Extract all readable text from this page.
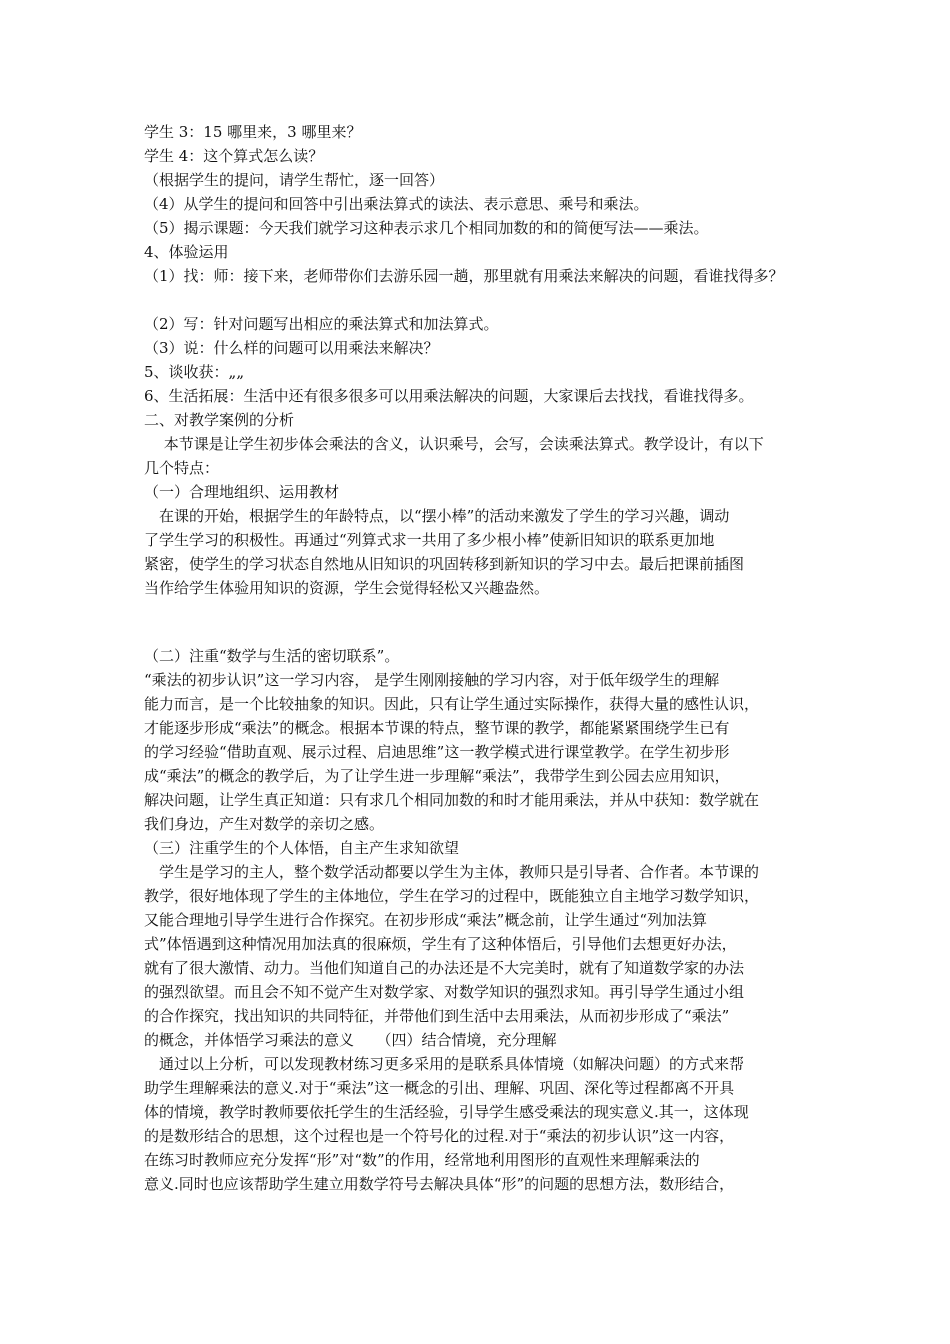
学生 3：15 哪里来，3 哪里来？
学生 4：这个算式怎么读？
（根据学生的提问，请学生帮忙，逐一回答）
（4）从学生的提问和回答中引出乘法算式的读法、表示意思、乘号和乘法。
（5）揭示课题：今天我们就学习这种表示求几个相同加数的和的简便写法——乘法。
4、体验运用
（1）找：师：接下来，老师带你们去游乐园一趟，那里就有用乘法来解决的问题，看谁找得多？
（2）写：针对问题写出相应的乘法算式和加法算式。
（3）说：什么样的问题可以用乘法来解决？
5、谈收获：„„
6、生活拓展：生活中还有很多很多可以用乘法解决的问题，大家课后去找找，看谁找得多。
二、对教学案例的分析
　 本节课是让学生初步体会乘法的含义，认识乘号，会写，会读乘法算式。教学设计，有以下
几个特点：
（一）合理地组织、运用教材
　在课的开始，根据学生的年龄特点，以“摆小棒”的活动来激发了学生的学习兴趣，调动
了学生学习的积极性。再通过“列算式求一共用了多少根小棒”使新旧知识的联系更加地
紧密，使学生的学习状态自然地从旧知识的巩固转移到新知识的学习中去。最后把课前插图
当作给学生体验用知识的资源，学生会觉得轻松又兴趣盎然。
（二）注重“数学与生活的密切联系”。
“乘法的初步认识”这一学习内容， 是学生刚刚接触的学习内容，对于低年级学生的理解
能力而言，是一个比较抽象的知识。因此，只有让学生通过实际操作，获得大量的感性认识，
才能逐步形成“乘法”的概念。根据本节课的特点，整节课的教学，都能紧紧围绕学生已有
的学习经验“借助直观、展示过程、启迪思维”这一教学模式进行课堂教学。在学生初步形
成“乘法”的概念的教学后，为了让学生进一步理解“乘法”，我带学生到公园去应用知识，
解决问题，让学生真正知道：只有求几个相同加数的和时才能用乘法，并从中获知：数学就在
我们身边，产生对数学的亲切之感。
（三）注重学生的个人体悟，自主产生求知欲望
　学生是学习的主人，整个数学活动都要以学生为主体，教师只是引导者、合作者。本节课的
教学，很好地体现了学生的主体地位，学生在学习的过程中，既能独立自主地学习数学知识，
又能合理地引导学生进行合作探究。在初步形成“乘法”概念前，让学生通过“列加法算
式”体悟遇到这种情况用加法真的很麻烦，学生有了这种体悟后，引导他们去想更好办法，
就有了很大激情、动力。当他们知道自己的办法还是不大完美时，就有了知道数学家的办法
的强烈欲望。而且会不知不觉产生对数学家、对数学知识的强烈求知。再引导学生通过小组
的合作探究，找出知识的共同特征，并带他们到生活中去用乘法，从而初步形成了“乘法”
的概念，并体悟学习乘法的意义　　（四）结合情境，充分理解
　通过以上分析，可以发现教材练习更多采用的是联系具体情境（如解决问题）的方式来帮
助学生理解乘法的意义.对于“乘法”这一概念的引出、理解、巩固、深化等过程都离不开具
体的情境，教学时教师要依托学生的生活经验，引导学生感受乘法的现实意义.其一，这体现
的是数形结合的思想，这个过程也是一个符号化的过程.对于“乘法的初步认识”这一内容，
在练习时教师应充分发挥“形”对“数”的作用，经常地利用图形的直观性来理解乘法的
意义.同时也应该帮助学生建立用数学符号去解决具体“形”的问题的思想方法，数形结合，
